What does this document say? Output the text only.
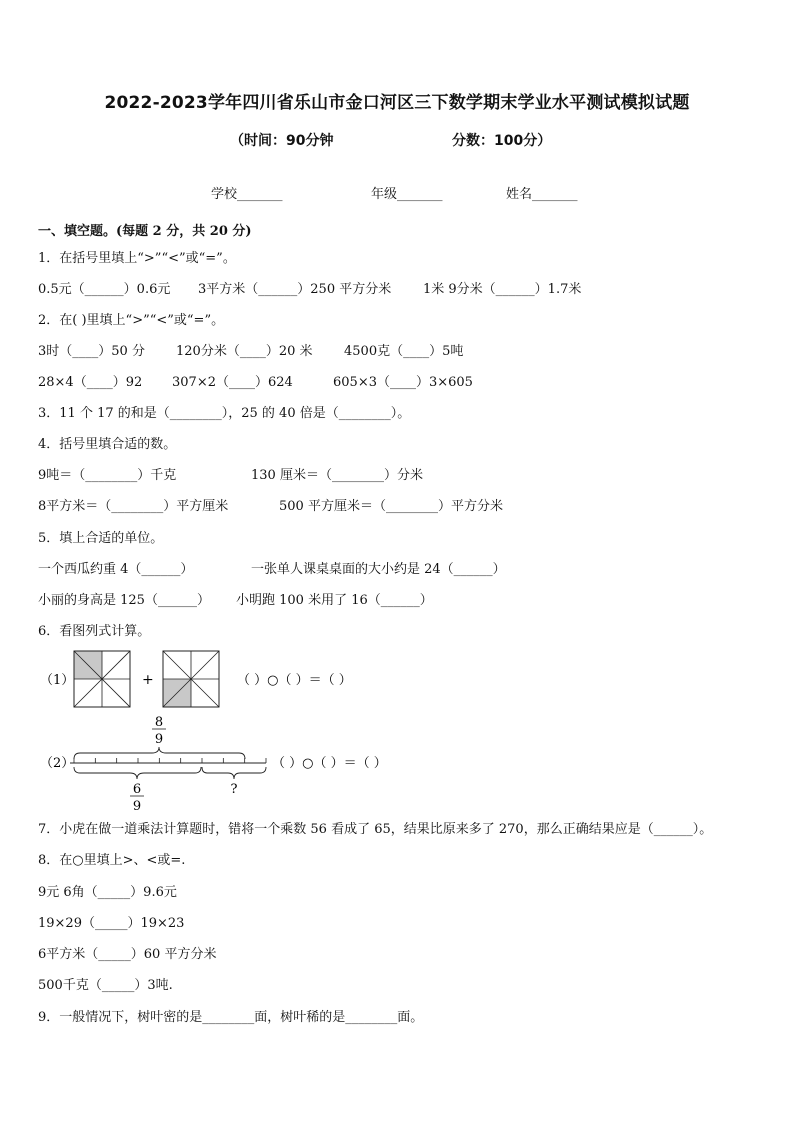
2022-2023学年四川省乐山市金口河区三下数学期末学业水平测试模拟试题
（时间：90分钟	分数：100分）
学校_______	年级_______	姓名_______
一、填空题。(每题 2 分，共 20 分)
1．在括号里填上“>”“<”或“=”。
0.5元（______）0.6元 3平方米（______）250 平方分米 1米 9分米（______）1.7米
2．在( )里填上“>”“<”或“=”。
3时（____）50 分 120分米（____）20 米 4500克（____）5吨
28×4（____）92 307×2（____）624	605×3（____）3×605
3．11 个 17 的和是（________），25 的 40 倍是（________）。
4．括号里填合适的数。
9吨＝（________）千克	130 厘米＝（________）分米
8平方米＝（________）平方厘米	500 平方厘米＝（________）平方分米
5．填上合适的单位。
一个西瓜约重 4（______）	一张单人课桌桌面的大小约是 24（______）
小丽的身高是 125（______） 小明跑 100 米用了 16（______）
6．看图列式计算。
（1）	+	（ ）○（ ）＝（ ）
（2）
8
9
6
9
?
（ ）○（ ）＝（ ）
7．小虎在做一道乘法计算题时，错将一个乘数 56 看成了 65，结果比原来多了 270，那么正确结果应是（______）。
8．在○里填上>、<或=.
9元 6角（_____）9.6元
19×29（_____）19×23
6平方米（_____）60 平方分米
500千克（_____）3吨.
9．一般情况下，树叶密的是________面，树叶稀的是________面。
